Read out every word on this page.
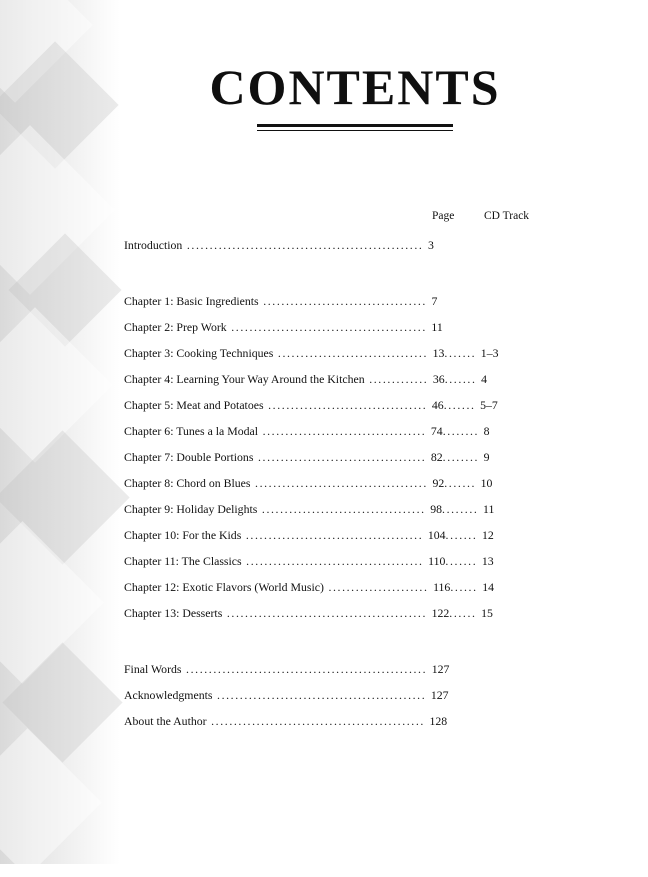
CONTENTS
Page	CD Track
Introduction .................................................... 3
Chapter 1: Basic Ingredients .................................... 7
Chapter 2: Prep Work ........................................... 11
Chapter 3: Cooking Techniques ................................. 13....... 1–3
Chapter 4: Learning Your Way Around the Kitchen ............. 36....... 4
Chapter 5: Meat and Potatoes ................................... 46....... 5–7
Chapter 6: Tunes a la Modal .................................... 74........ 8
Chapter 7: Double Portions ..................................... 82........ 9
Chapter 8: Chord on Blues ...................................... 92....... 10
Chapter 9: Holiday Delights .................................... 98........ 11
Chapter 10: For the Kids ....................................... 104....... 12
Chapter 11: The Classics ....................................... 110....... 13
Chapter 12: Exotic Flavors (World Music) ...................... 116...... 14
Chapter 13: Desserts ............................................ 122...... 15
Final Words ..................................................... 127
Acknowledgments .............................................. 127
About the Author ............................................... 128
